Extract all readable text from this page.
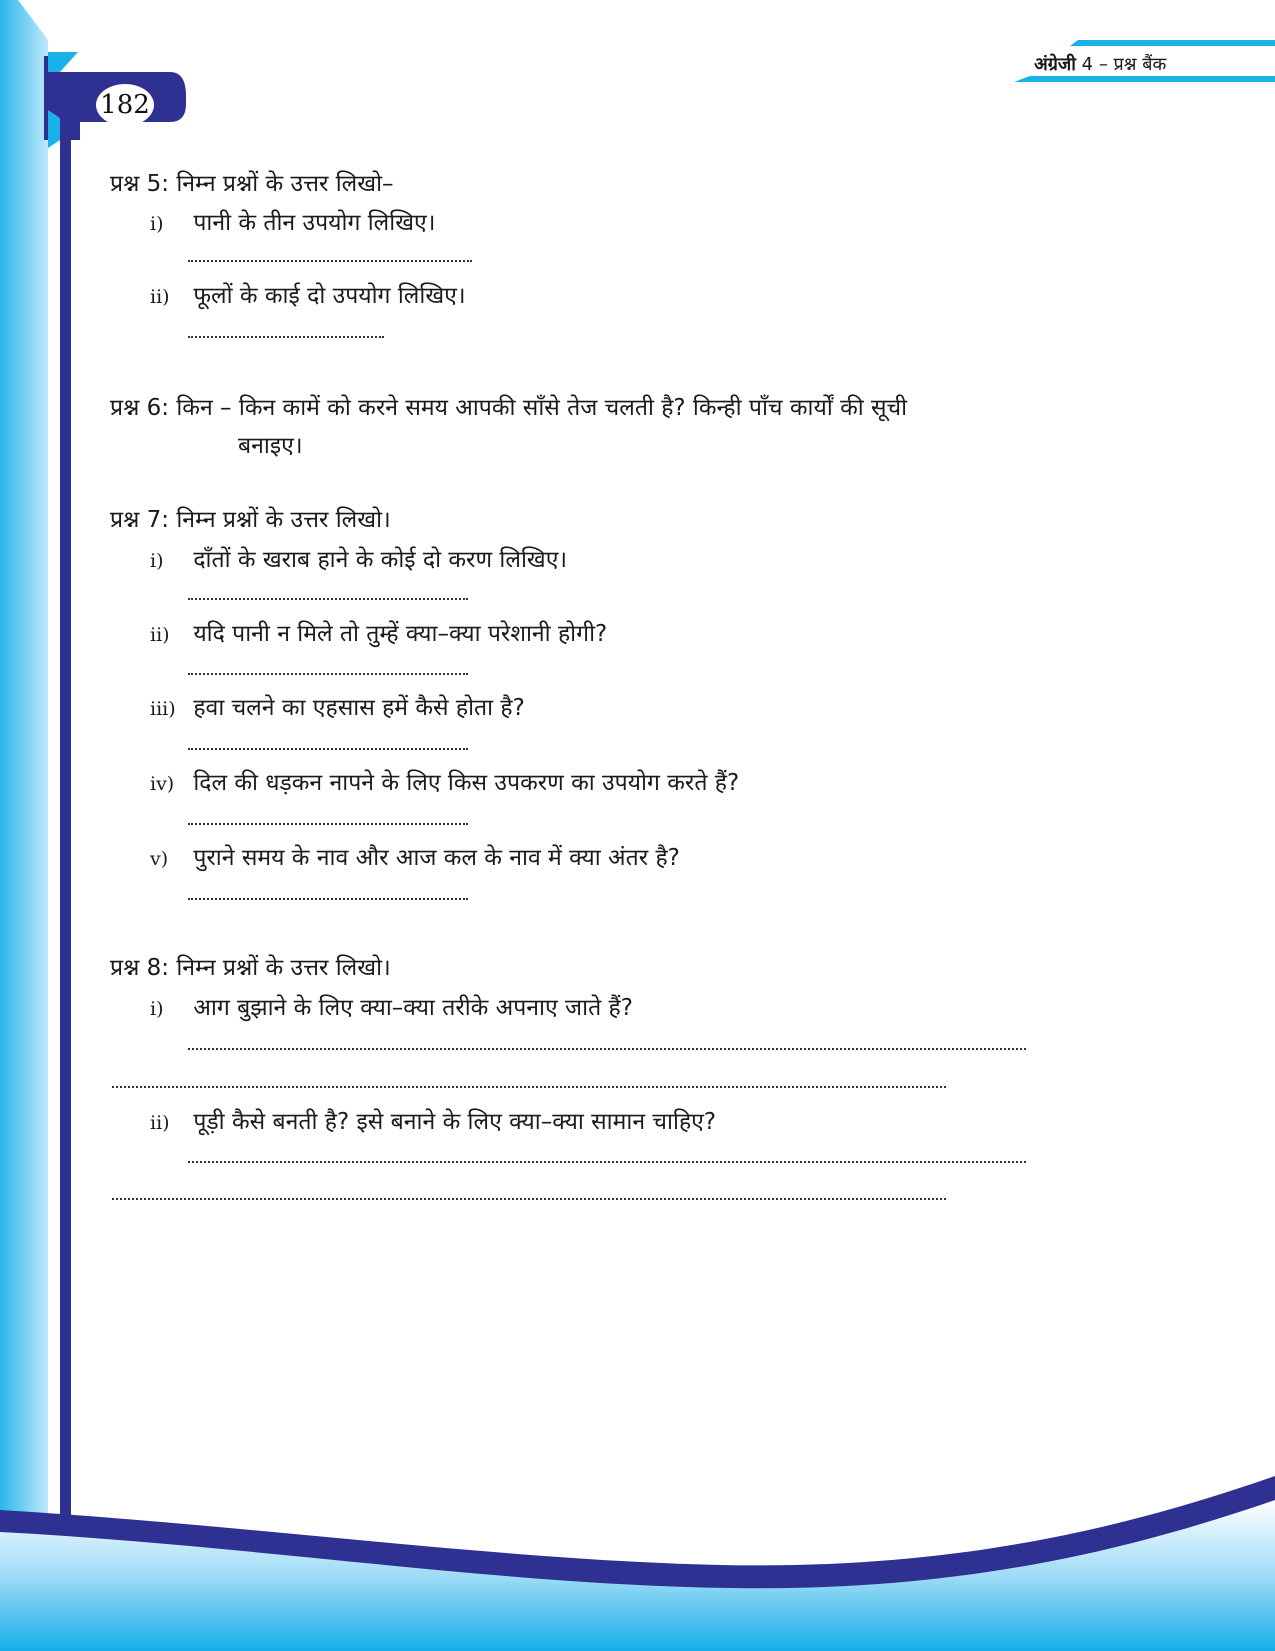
182
अंग्रेजी 4 – प्रश्न बैंक
प्रश्न 5: निम्न प्रश्नों के उत्तर लिखो–
i) पानी के तीन उपयोग लिखिए।
ii) फूलों के काई दो उपयोग लिखिए।
प्रश्न 6: किन – किन कामें को करने समय आपकी साँसे तेज चलती है? किन्ही पाँच कार्यों की सूची
बनाइए।
प्रश्न 7: निम्न प्रश्नों के उत्तर लिखो।
i) दाँतों के खराब हाने के कोई दो करण लिखिए।
ii) यदि पानी न मिले तो तुम्हें क्या–क्या परेशानी होगी?
iii) हवा चलने का एहसास हमें कैसे होता है?
iv) दिल की धड़कन नापने के लिए किस उपकरण का उपयोग करते हैं?
v) पुराने समय के नाव और आज कल के नाव में क्या अंतर है?
प्रश्न 8: निम्न प्रश्नों के उत्तर लिखो।
i) आग बुझाने के लिए क्या–क्या तरीके अपनाए जाते हैं?
ii) पूड़ी कैसे बनती है? इसे बनाने के लिए क्या–क्या सामान चाहिए?
